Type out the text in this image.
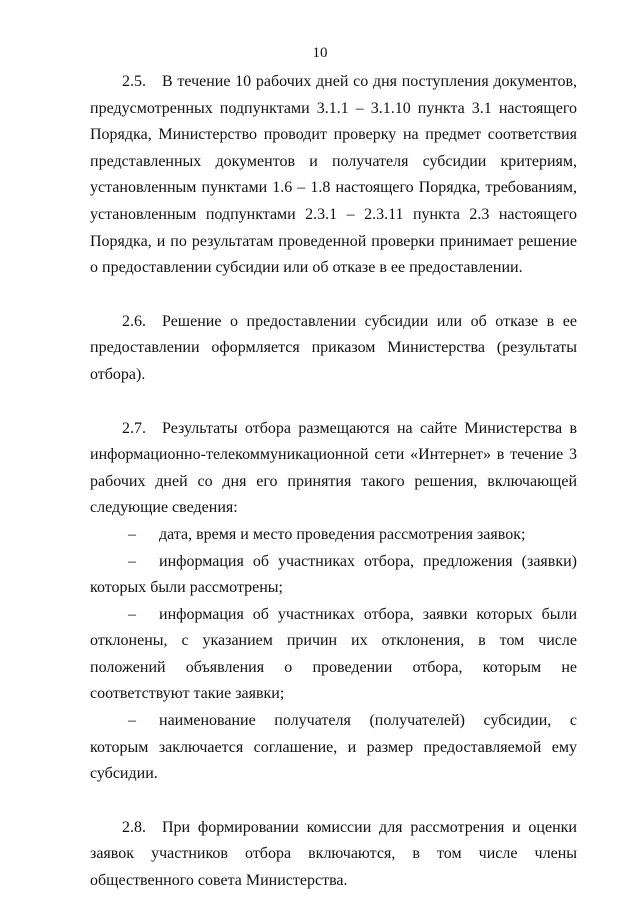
10

2.5. В течение 10 рабочих дней со дня поступления документов, предусмотренных подпунктами 3.1.1 – 3.1.10 пункта 3.1 настоящего Порядка, Министерство проводит проверку на предмет соответствия представленных документов и получателя субсидии критериям, установленным пунктами 1.6 – 1.8 настоящего Порядка, требованиям, установленным подпунктами 2.3.1 – 2.3.11 пункта 2.3 настоящего Порядка, и по результатам проведенной проверки принимает решение о предоставлении субсидии или об отказе в ее предоставлении.

2.6. Решение о предоставлении субсидии или об отказе в ее предоставлении оформляется приказом Министерства (результаты отбора).

2.7. Результаты отбора размещаются на сайте Министерства в информационно-телекоммуникационной сети «Интернет» в течение 3 рабочих дней со дня его принятия такого решения, включающей следующие сведения:

– дата, время и место проведения рассмотрения заявок;

– информация об участниках отбора, предложения (заявки) которых были рассмотрены;

– информация об участниках отбора, заявки которых были отклонены, с указанием причин их отклонения, в том числе положений объявления о проведении отбора, которым не соответствуют такие заявки;

– наименование получателя (получателей) субсидии, с которым заключается соглашение, и размер предоставляемой ему субсидии.

2.8. При формировании комиссии для рассмотрения и оценки заявок участников отбора включаются, в том числе члены общественного совета Министерства.
